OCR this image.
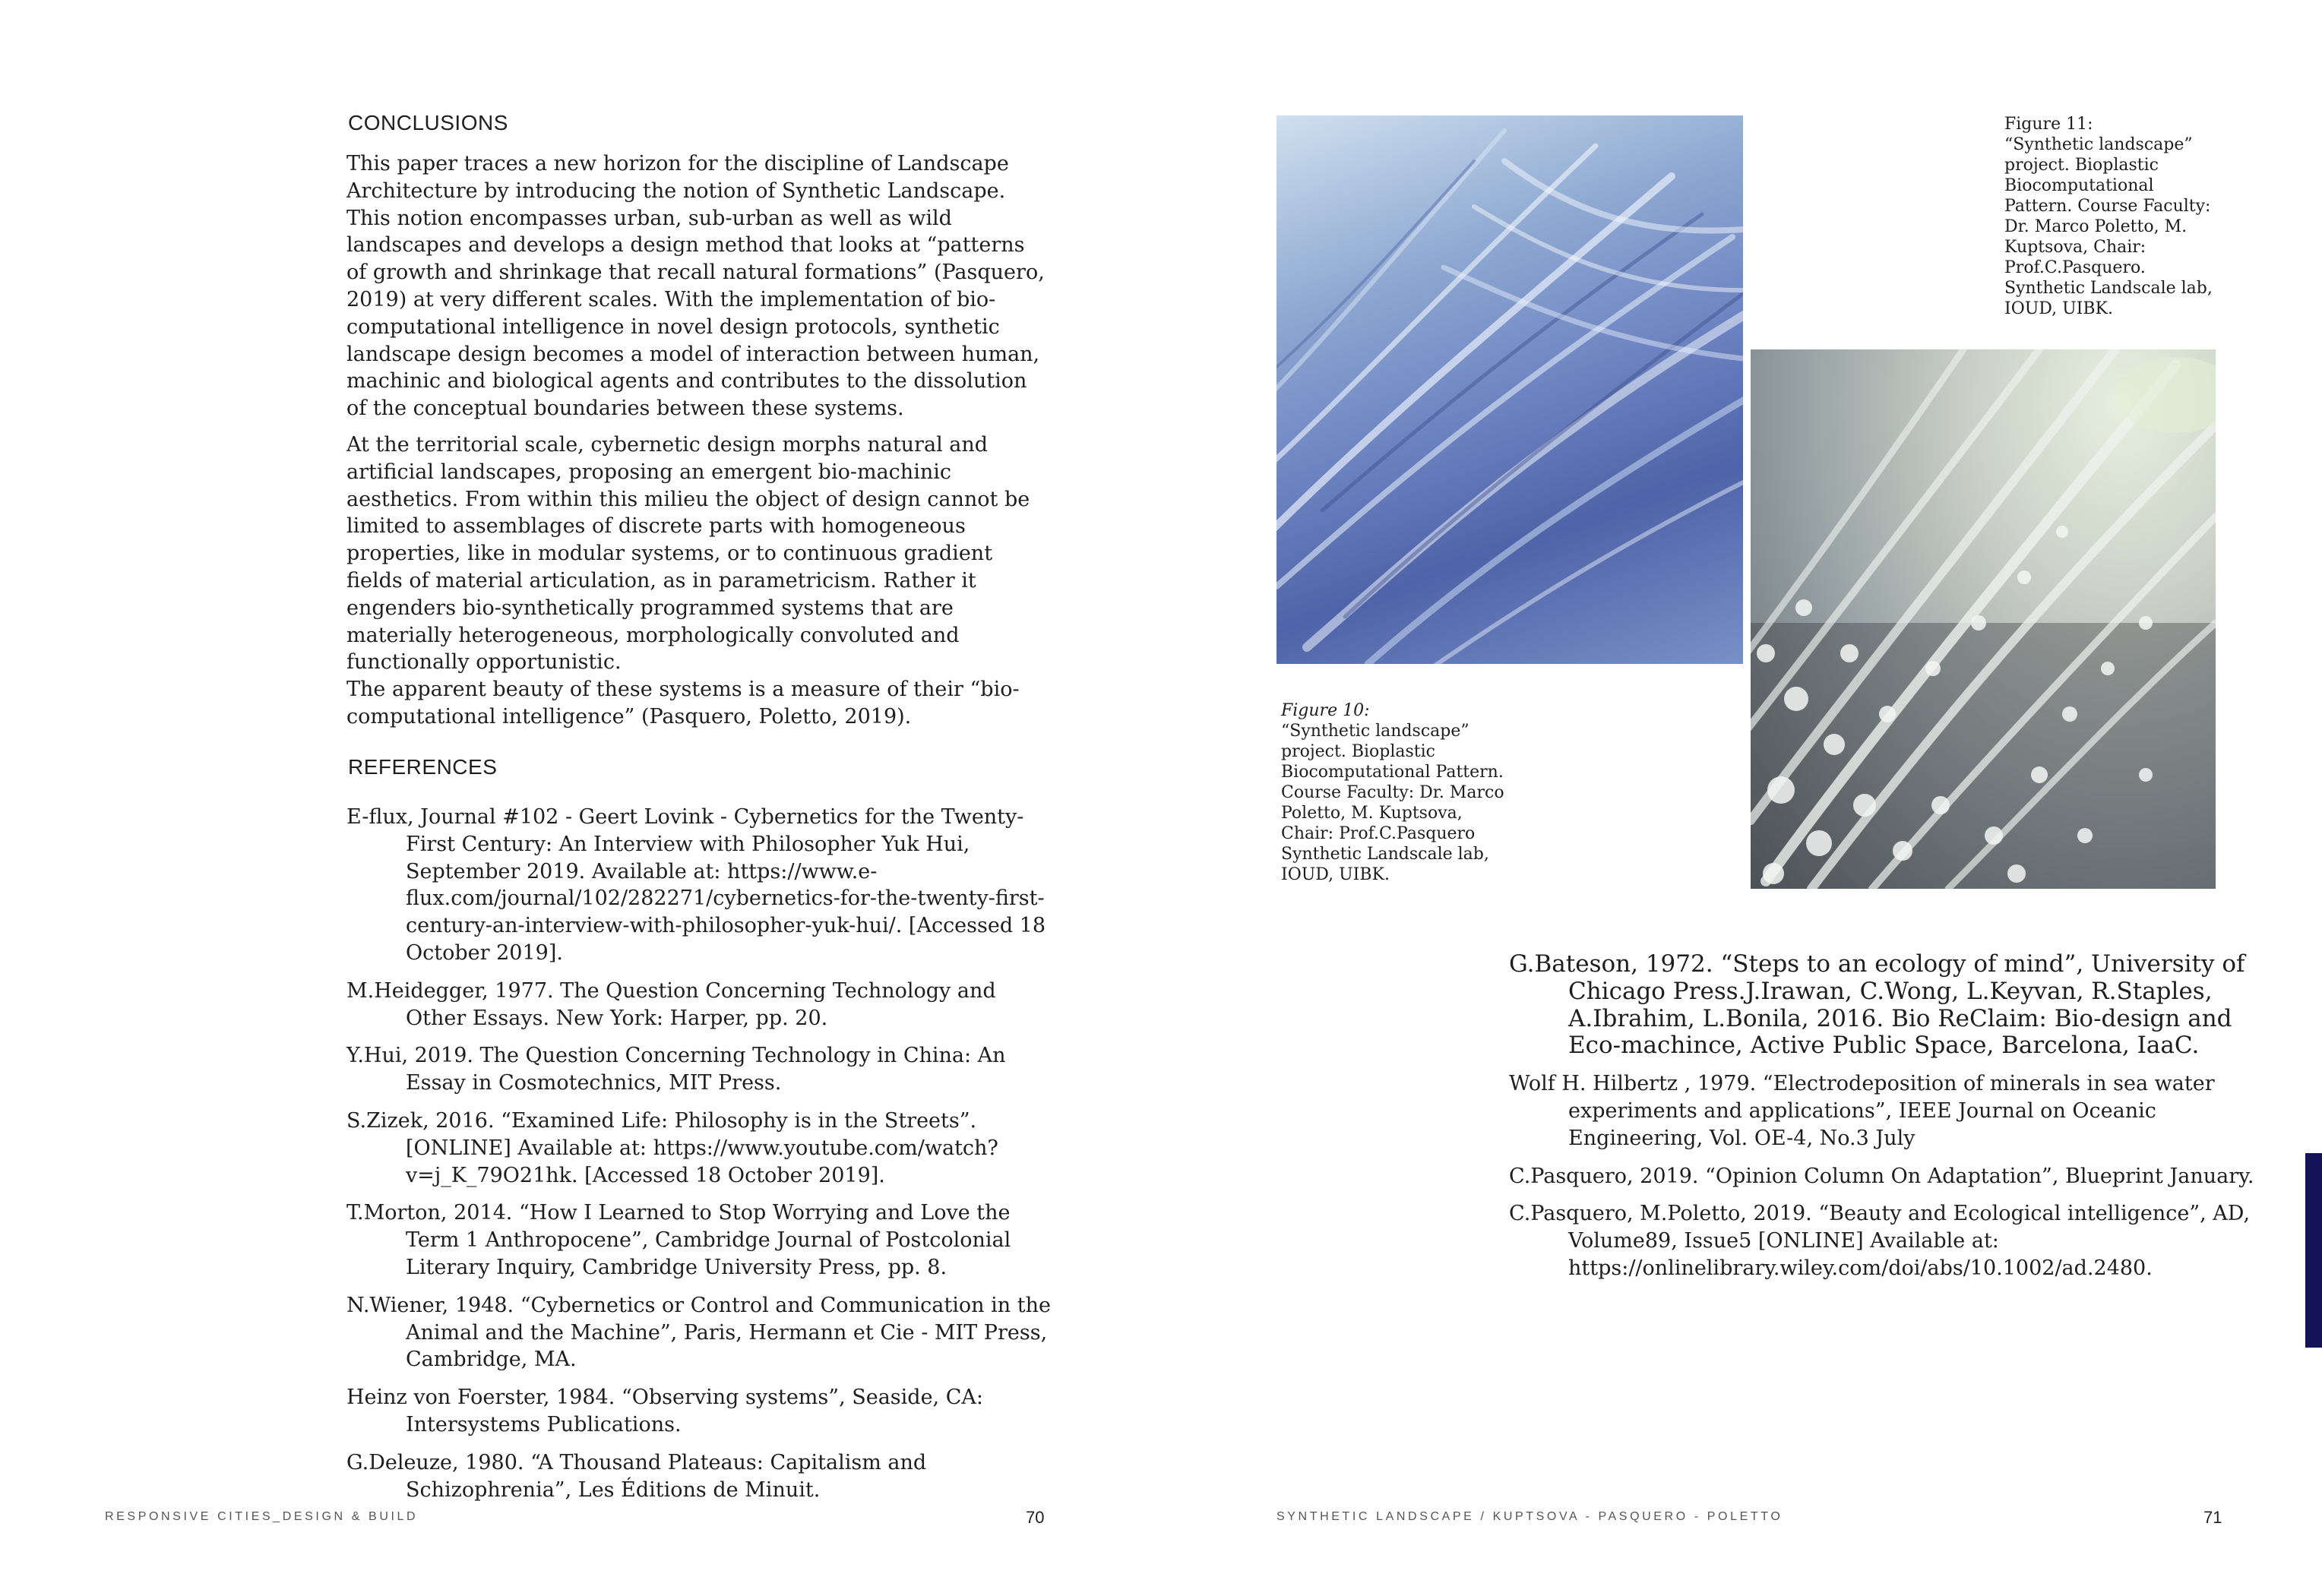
CONCLUSIONS

This paper traces a new horizon for the discipline of Landscape Architecture by introducing the notion of Synthetic Landscape. This notion encompasses urban, sub-urban as well as wild landscapes and develops a design method that looks at “patterns of growth and shrinkage that recall natural formations” (Pasquero, 2019) at very different scales. With the implementation of bio-computational intelligence in novel design protocols, synthetic landscape design becomes a model of interaction between human, machinic and biological agents and contributes to the dissolution of the conceptual boundaries between these systems.

At the territorial scale, cybernetic design morphs natural and artificial landscapes, proposing an emergent bio-machinic aesthetics. From within this milieu the object of design cannot be limited to assemblages of discrete parts with homogeneous properties, like in modular systems, or to continuous gradient fields of material articulation, as in parametricism. Rather it engenders bio-synthetically programmed systems that are materially heterogeneous, morphologically convoluted and functionally opportunistic.

The apparent beauty of these systems is a measure of their “bio-computational intelligence” (Pasquero, Poletto, 2019).

REFERENCES
E-flux, Journal #102 - Geert Lovink - Cybernetics for the Twenty-First Century: An Interview with Philosopher Yuk Hui, September 2019. Available at: https://www.e-flux.com/journal/102/282271/cybernetics-for-the-twenty-first-century-an-interview-with-philosopher-yuk-hui/. [Accessed 18 October 2019].
M.Heidegger, 1977. The Question Concerning Technology and Other Essays. New York: Harper, pp. 20.
Y.Hui, 2019. The Question Concerning Technology in China: An Essay in Cosmotechnics, MIT Press.
S.Zizek, 2016. “Examined Life: Philosophy is in the Streets”. [ONLINE] Available at: https://www.youtube.com/watch?v=j_K_79O21hk. [Accessed 18 October 2019].
T.Morton, 2014. “How I Learned to Stop Worrying and Love the Term 1 Anthropocene”, Cambridge Journal of Postcolonial Literary Inquiry, Cambridge University Press, pp. 8.
N.Wiener, 1948. “Cybernetics or Control and Communication in the Animal and the Machine”, Paris, Hermann et Cie - MIT Press, Cambridge, MA.
Heinz von Foerster, 1984. “Observing systems”, Seaside, CA: Intersystems Publications.
G.Deleuze, 1980. “A Thousand Plateaus: Capitalism and Schizophrenia”, Les Éditions de Minuit.
RESPONSIVE CITIES_DESIGN & BUILD	70
Figure 10:
“Synthetic landscape” project. Bioplastic Biocomputational Pattern. Course Faculty: Dr. Marco Poletto, M. Kuptsova, Chair: Prof.C.Pasquero Synthetic Landscale lab, IOUD, UIBK.
Figure 11:
“Synthetic landscape” project. Bioplastic Biocomputational Pattern. Course Faculty: Dr. Marco Poletto, M. Kuptsova, Chair: Prof.C.Pasquero. Synthetic Landscale lab, IOUD, UIBK.
G.Bateson, 1972. “Steps to an ecology of mind”, University of Chicago Press.J.Irawan, C.Wong, L.Keyvan, R.Staples, A.Ibrahim, L.Bonila, 2016. Bio ReClaim: Bio-design and Eco-machince, Active Public Space, Barcelona, IaaC.
Wolf H. Hilbertz , 1979. “Electrodeposition of minerals in sea water experiments and applications”, IEEE Journal on Oceanic Engineering, Vol. OE-4, No.3 July
C.Pasquero, 2019. “Opinion Column On Adaptation”, Blueprint January.
C.Pasquero, M.Poletto, 2019. “Beauty and Ecological intelligence”, AD, Volume89, Issue5 [ONLINE] Available at: https://onlinelibrary.wiley.com/doi/abs/10.1002/ad.2480.
SYNTHETIC LANDSCAPE / KUPTSOVA - PASQUERO - POLETTO	71
